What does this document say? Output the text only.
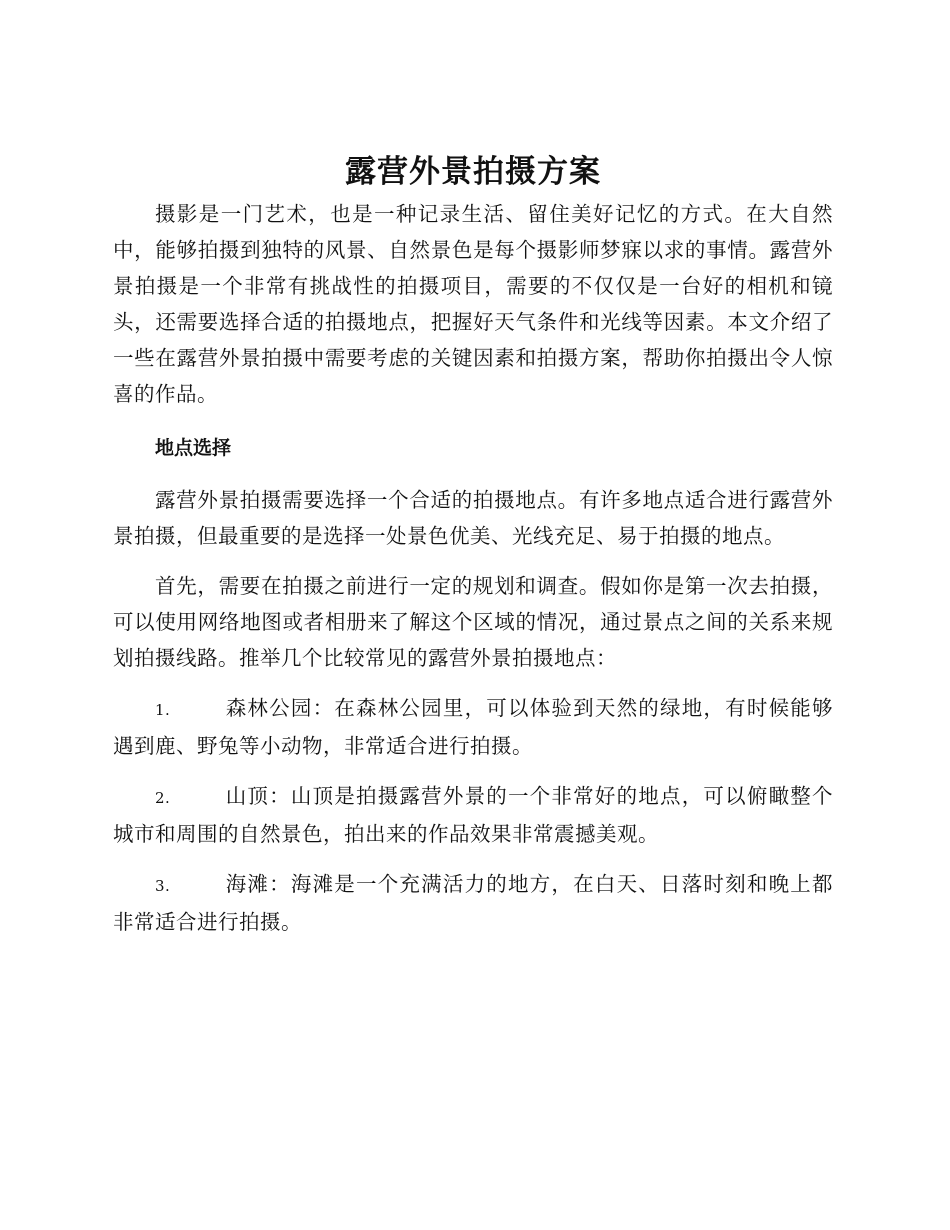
露营外景拍摄方案

摄影是一门艺术，也是一种记录生活、留住美好记忆的方式。在大自然中，能够拍摄到独特的风景、自然景色是每个摄影师梦寐以求的事情。露营外景拍摄是一个非常有挑战性的拍摄项目，需要的不仅仅是一台好的相机和镜头，还需要选择合适的拍摄地点，把握好天气条件和光线等因素。本文介绍了一些在露营外景拍摄中需要考虑的关键因素和拍摄方案，帮助你拍摄出令人惊喜的作品。

地点选择

露营外景拍摄需要选择一个合适的拍摄地点。有许多地点适合进行露营外景拍摄，但最重要的是选择一处景色优美、光线充足、易于拍摄的地点。

首先，需要在拍摄之前进行一定的规划和调查。假如你是第一次去拍摄，可以使用网络地图或者相册来了解这个区域的情况，通过景点之间的关系来规划拍摄线路。推举几个比较常见的露营外景拍摄地点：

1.	森林公园：在森林公园里，可以体验到天然的绿地，有时候能够遇到鹿、野兔等小动物，非常适合进行拍摄。
2.	山顶：山顶是拍摄露营外景的一个非常好的地点，可以俯瞰整个城市和周围的自然景色，拍出来的作品效果非常震撼美观。
3.	海滩：海滩是一个充满活力的地方，在白天、日落时刻和晚上都非常适合进行拍摄。
